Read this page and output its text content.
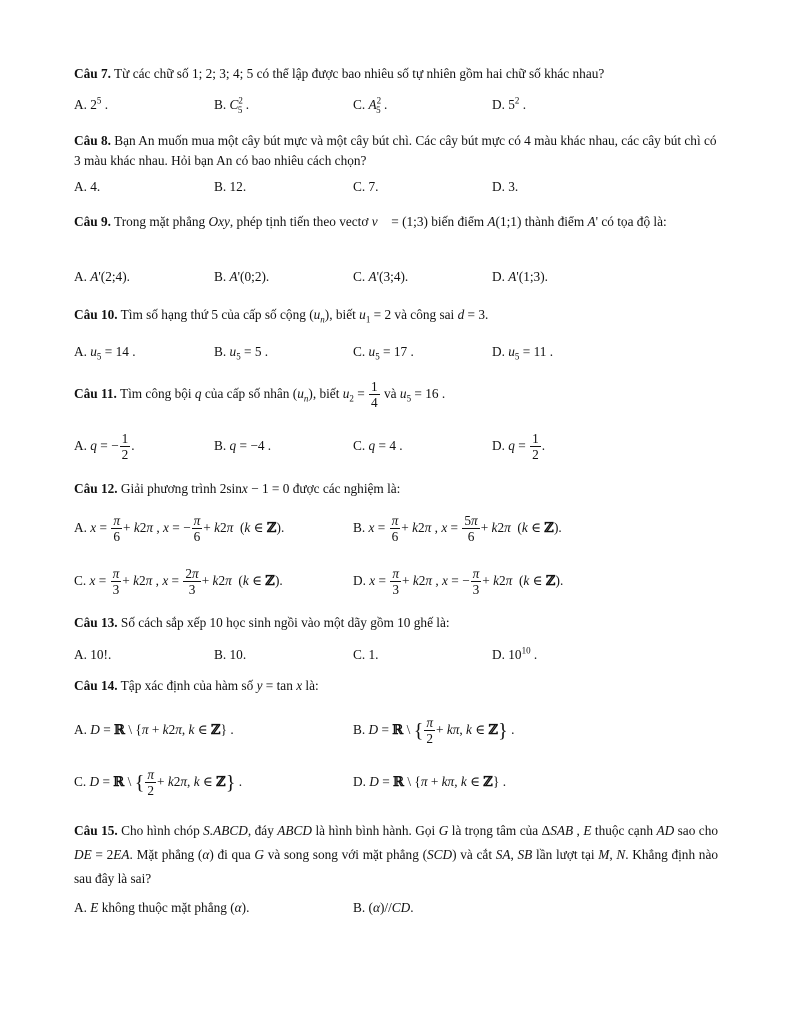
Câu 7. Từ các chữ số 1; 2; 3; 4; 5 có thể lập được bao nhiêu số tự nhiên gồm hai chữ số khác nhau?
A. $2^5$ .	B. $C^2_5$ .	C. $A^2_5$ .	D. $5^2$ .
Câu 8. Bạn An muốn mua một cây bút mực và một cây bút chì. Các cây bút mực có 4 màu khác nhau, các cây bút chì có 3 màu khác nhau. Hỏi bạn An có bao nhiêu cách chọn?
A. 4.	B. 12.	C. 7.	D. 3.
Câu 9. Trong mặt phẳng Oxy, phép tịnh tiến theo vectơ v⃗ = (1;3) biến điểm A(1;1) thành điểm A' có tọa độ là:
A. A'(2;4).	B. A'(0;2).	C. A'(3;4).	D. A'(1;3).
Câu 10. Tìm số hạng thứ 5 của cấp số cộng $(u_n)$, biết $u_1 = 2$ và công sai d = 3.
A. $u_5 = 14$ .	B. $u_5 = 5$ .	C. $u_5 = 17$ .	D. $u_5 = 11$ .
Câu 11. Tìm công bội q của cấp số nhân $(u_n)$, biết $u_2 = \frac{1}{4}$ và $u_5 = 16$ .
A. q = − $\frac{1}{2}$ .	B. q = −4 .	C. q = 4 .	D. $q = \frac{1}{2}$ .
Câu 12. Giải phương trình 2sinx − 1 = 0 được các nghiệm là:
A. $x = \frac{\pi}{6} + k2\pi$ , x = − $\frac{\pi}{6} + k2\pi$  (k ∈ ℤ).	B. $x = \frac{\pi}{6} + k2\pi$ , $x = \frac{5\pi}{6} + k2\pi$  (k ∈ ℤ).
C. $x = \frac{\pi}{3} + k2\pi$ , $x = \frac{2\pi}{3} + k2\pi$  (k ∈ ℤ).	D. $x = \frac{\pi}{3} + k2\pi$ , x = − $\frac{\pi}{3} + k2\pi$  (k ∈ ℤ).
Câu 13. Số cách sắp xếp 10 học sinh ngồi vào một dãy gồm 10 ghế là:
A. 10!.	B. 10.	C. 1.	D. $10^{10}$ .
Câu 14. Tập xác định của hàm số y = tan x là:
A. D = ℝ \ {π + k2π, k ∈ ℤ} .	B. D = ℝ \ { $\frac{\pi}{2} + k\pi$, k ∈ ℤ} .
C. D = ℝ \ { $\frac{\pi}{2} + k2\pi$, k ∈ ℤ} .	D. D = ℝ \ {π + kπ, k ∈ ℤ} .
Câu 15. Cho hình chóp S.ABCD, đáy ABCD là hình bình hành. Gọi G là trọng tâm của ΔSAB , E thuộc cạnh AD sao cho DE = 2EA. Mặt phẳng (α) đi qua G và song song với mặt phẳng (SCD) và cắt SA, SB lần lượt tại M, N. Khẳng định nào sau đây là sai?
A. E không thuộc mặt phẳng (α).	B. (α)//CD.
